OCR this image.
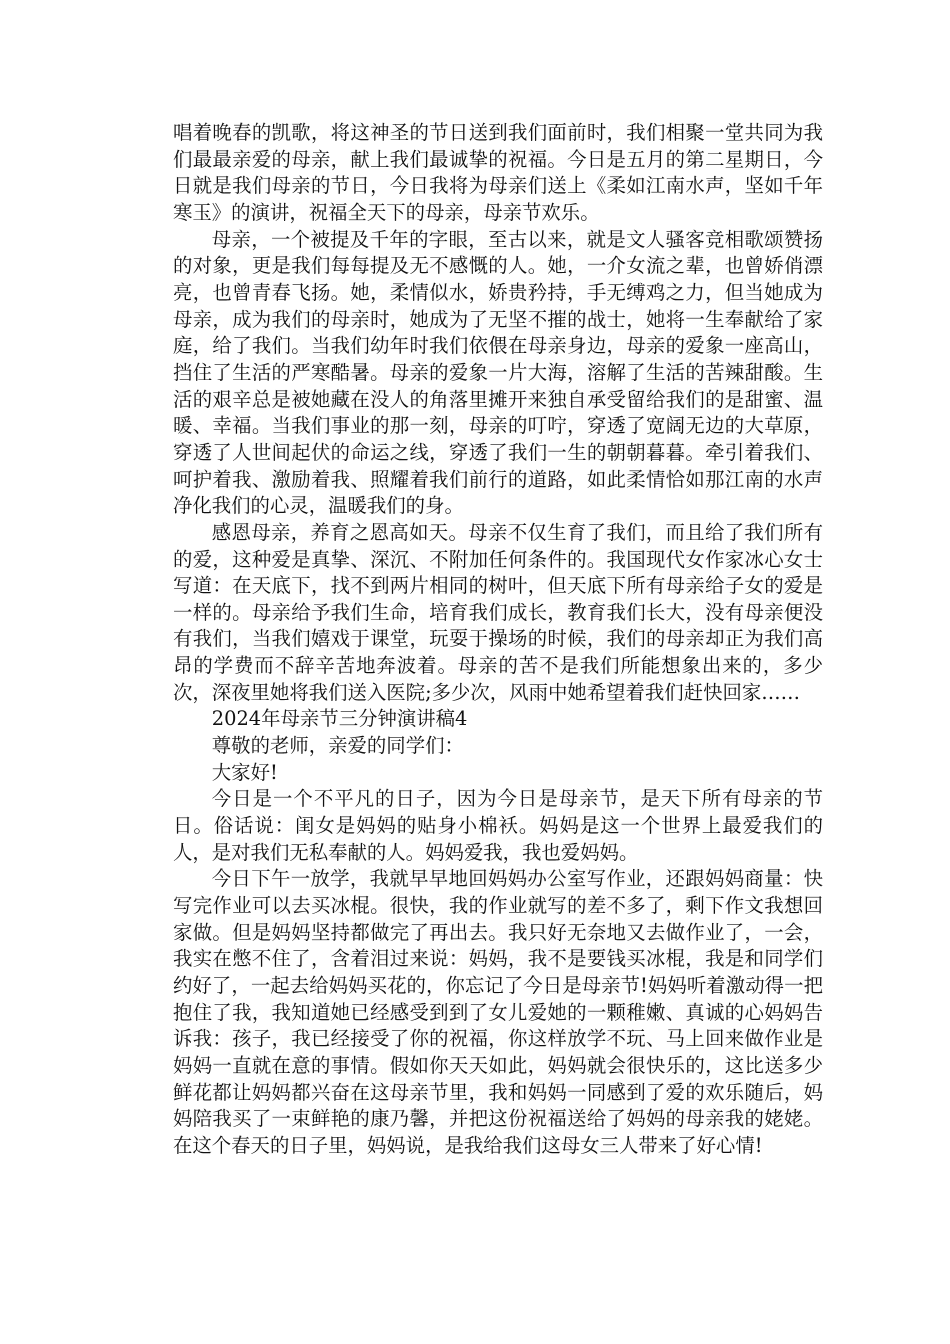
唱着晚春的凯歌，将这神圣的节日送到我们面前时，我们相聚一堂共同为我们最最亲爱的母亲，献上我们最诚挚的祝福。今日是五月的第二星期日，今日就是我们母亲的节日，今日我将为母亲们送上《柔如江南水声，坚如千年寒玉》的演讲，祝福全天下的母亲，母亲节欢乐。

母亲，一个被提及千年的字眼，至古以来，就是文人骚客竞相歌颂赞扬的对象，更是我们每每提及无不感慨的人。她，一介女流之辈，也曾娇俏漂亮，也曾青春飞扬。她，柔情似水，娇贵矜持，手无缚鸡之力，但当她成为母亲，成为我们的母亲时，她成为了无坚不摧的战士，她将一生奉献给了家庭，给了我们。当我们幼年时我们依偎在母亲身边，母亲的爱象一座高山，挡住了生活的严寒酷暑。母亲的爱象一片大海，溶解了生活的苦辣甜酸。生活的艰辛总是被她藏在没人的角落里摊开来独自承受留给我们的是甜蜜、温暖、幸福。当我们事业的那一刻，母亲的叮咛，穿透了宽阔无边的大草原，穿透了人世间起伏的命运之线，穿透了我们一生的朝朝暮暮。牵引着我们、呵护着我、激励着我、照耀着我们前行的道路，如此柔情恰如那江南的水声净化我们的心灵，温暖我们的身。

感恩母亲，养育之恩高如天。母亲不仅生育了我们，而且给了我们所有的爱，这种爱是真挚、深沉、不附加任何条件的。我国现代女作家冰心女士写道：在天底下，找不到两片相同的树叶，但天底下所有母亲给子女的爱是一样的。母亲给予我们生命，培育我们成长，教育我们长大，没有母亲便没有我们，当我们嬉戏于课堂，玩耍于操场的时候，我们的母亲却正为我们高昂的学费而不辞辛苦地奔波着。母亲的苦不是我们所能想象出来的，多少次，深夜里她将我们送入医院;多少次，风雨中她希望着我们赶快回家……

2024年母亲节三分钟演讲稿4

尊敬的老师，亲爱的同学们：

大家好!

今日是一个不平凡的日子，因为今日是母亲节，是天下所有母亲的节日。俗话说：闺女是妈妈的贴身小棉袄。妈妈是这一个世界上最爱我们的人，是对我们无私奉献的人。妈妈爱我，我也爱妈妈。

今日下午一放学，我就早早地回妈妈办公室写作业，还跟妈妈商量：快写完作业可以去买冰棍。很快，我的作业就写的差不多了，剩下作文我想回家做。但是妈妈坚持都做完了再出去。我只好无奈地又去做作业了，一会，我实在憋不住了，含着泪过来说：妈妈，我不是要钱买冰棍，我是和同学们约好了，一起去给妈妈买花的，你忘记了今日是母亲节!妈妈听着激动得一把抱住了我，我知道她已经感受到到了女儿爱她的一颗稚嫩、真诚的心妈妈告诉我：孩子，我已经接受了你的祝福，你这样放学不玩、马上回来做作业是妈妈一直就在意的事情。假如你天天如此，妈妈就会很快乐的，这比送多少鲜花都让妈妈都兴奋在这母亲节里，我和妈妈一同感到了爱的欢乐随后，妈妈陪我买了一束鲜艳的康乃馨，并把这份祝福送给了妈妈的母亲我的姥姥。在这个春天的日子里，妈妈说，是我给我们这母女三人带来了好心情!
